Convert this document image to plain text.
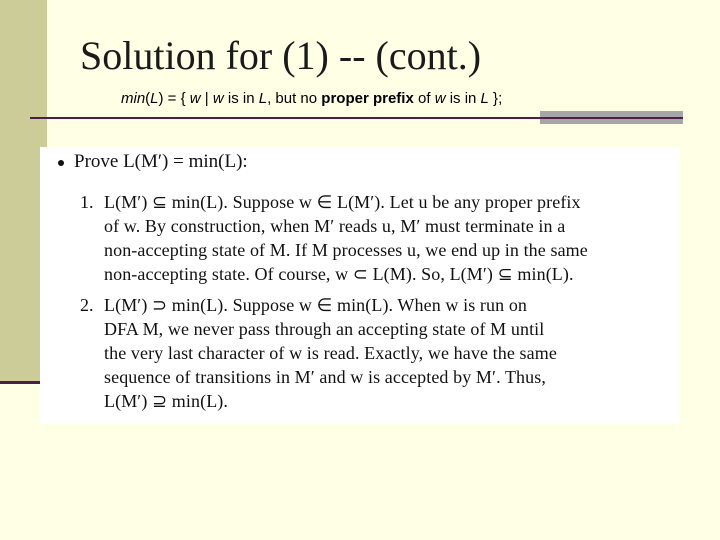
Solution for (1) -- (cont.)
min(L) = { w | w is in L, but no proper prefix of w is in L };
Prove L(M′) = min(L):
1. L(M′) ⊆ min(L). Suppose w ∈ L(M′). Let u be any proper prefix
of w. By construction, when M′ reads u, M′ must terminate in a
non-accepting state of M. If M processes u, we end up in the same
non-accepting state. Of course, w ⊂ L(M). So, L(M′) ⊆ min(L).
2. L(M′) ⊃ min(L). Suppose w ∈ min(L). When w is run on
DFA M, we never pass through an accepting state of M until
the very last character of w is read. Exactly, we have the same
sequence of transitions in M′ and w is accepted by M′. Thus,
L(M′) ⊇ min(L).
